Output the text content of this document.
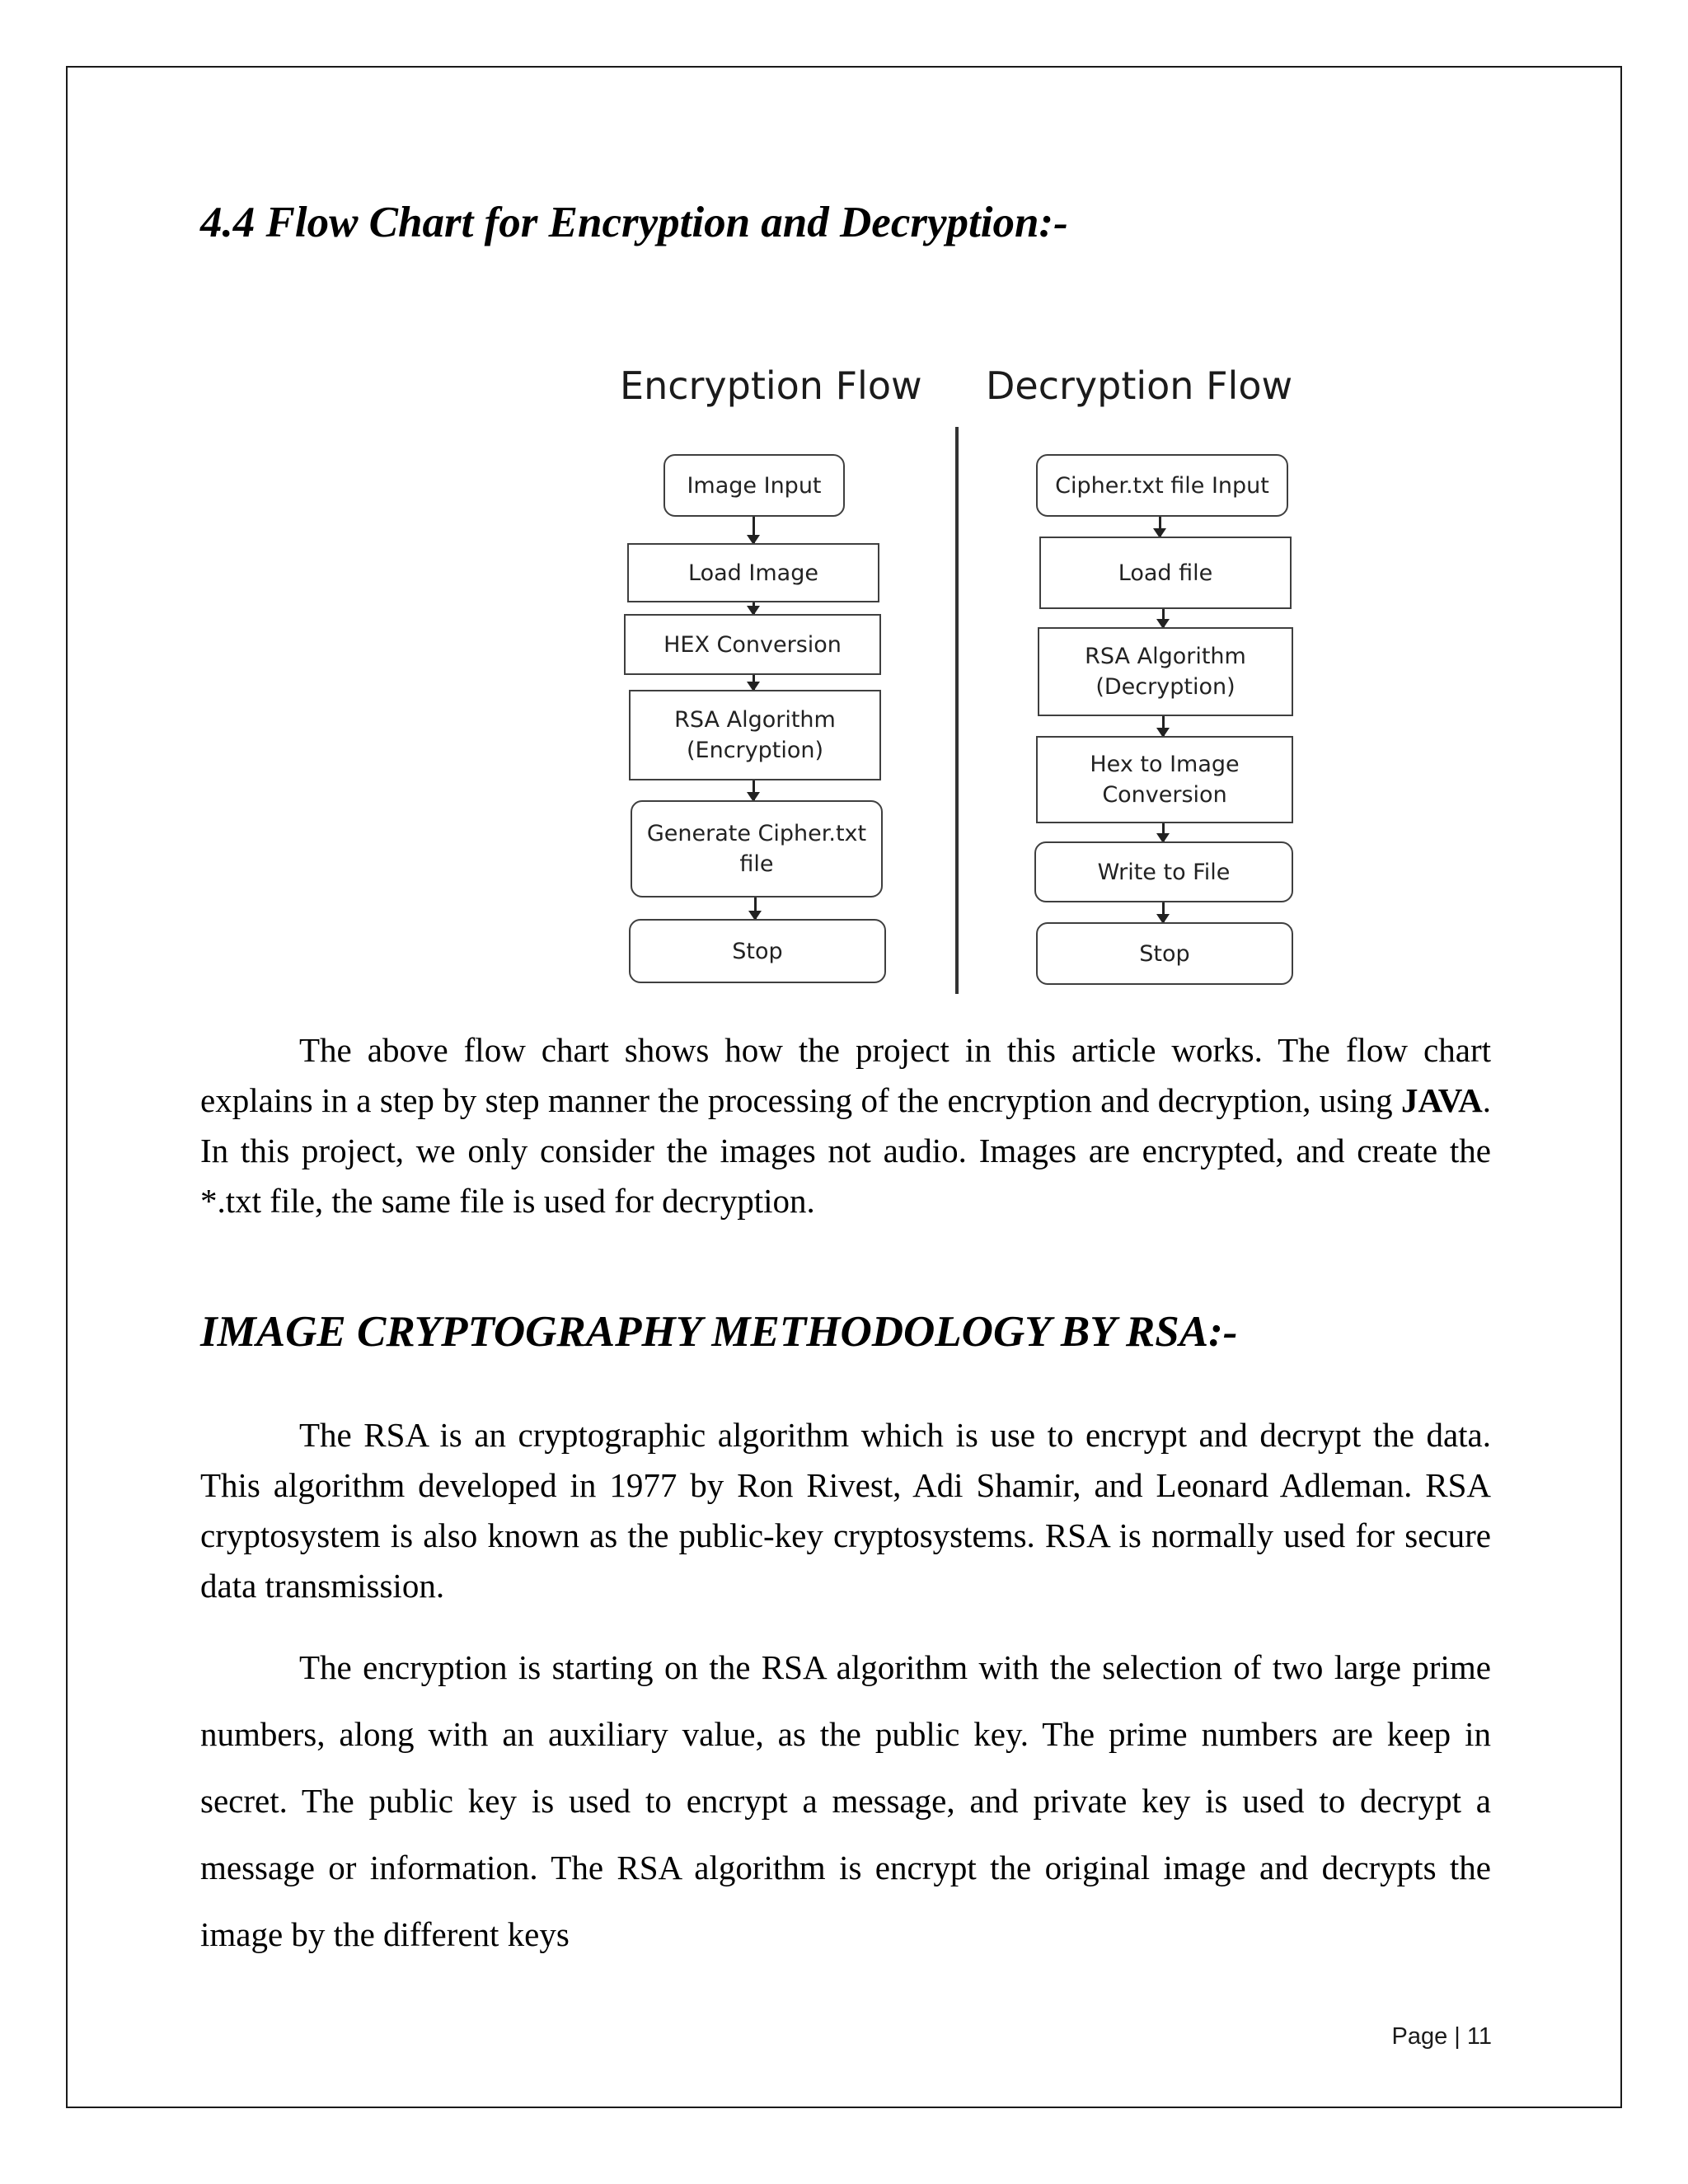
4.4 Flow Chart for Encryption and Decryption:-
Encryption Flow Decryption Flow
Image Input
Load Image
HEX Conversion
RSA Algorithm
(Encryption)
Generate Cipher.txt
file
Stop
Cipher.txt file Input
Load file
RSA Algorithm
(Decryption)
Hex to Image
Conversion
Write to File
Stop

The above flow chart shows how the project in this article works. The flow chart explains in a step by step manner the processing of the encryption and decryption, using JAVA. In this project, we only consider the images not audio. Images are encrypted, and create the *.txt file, the same file is used for decryption.

IMAGE CRYPTOGRAPHY METHODOLOGY BY RSA:-

The RSA is an cryptographic algorithm which is use to encrypt and decrypt the data. This algorithm developed in 1977 by Ron Rivest, Adi Shamir, and Leonard Adleman. RSA cryptosystem is also known as the public-key cryptosystems. RSA is normally used for secure data transmission.

The encryption is starting on the RSA algorithm with the selection of two large prime numbers, along with an auxiliary value, as the public key. The prime numbers are keep in secret. The public key is used to encrypt a message, and private key is used to decrypt a message or information. The RSA algorithm is encrypt the original image and decrypts the image by the different keys

Page | 11
